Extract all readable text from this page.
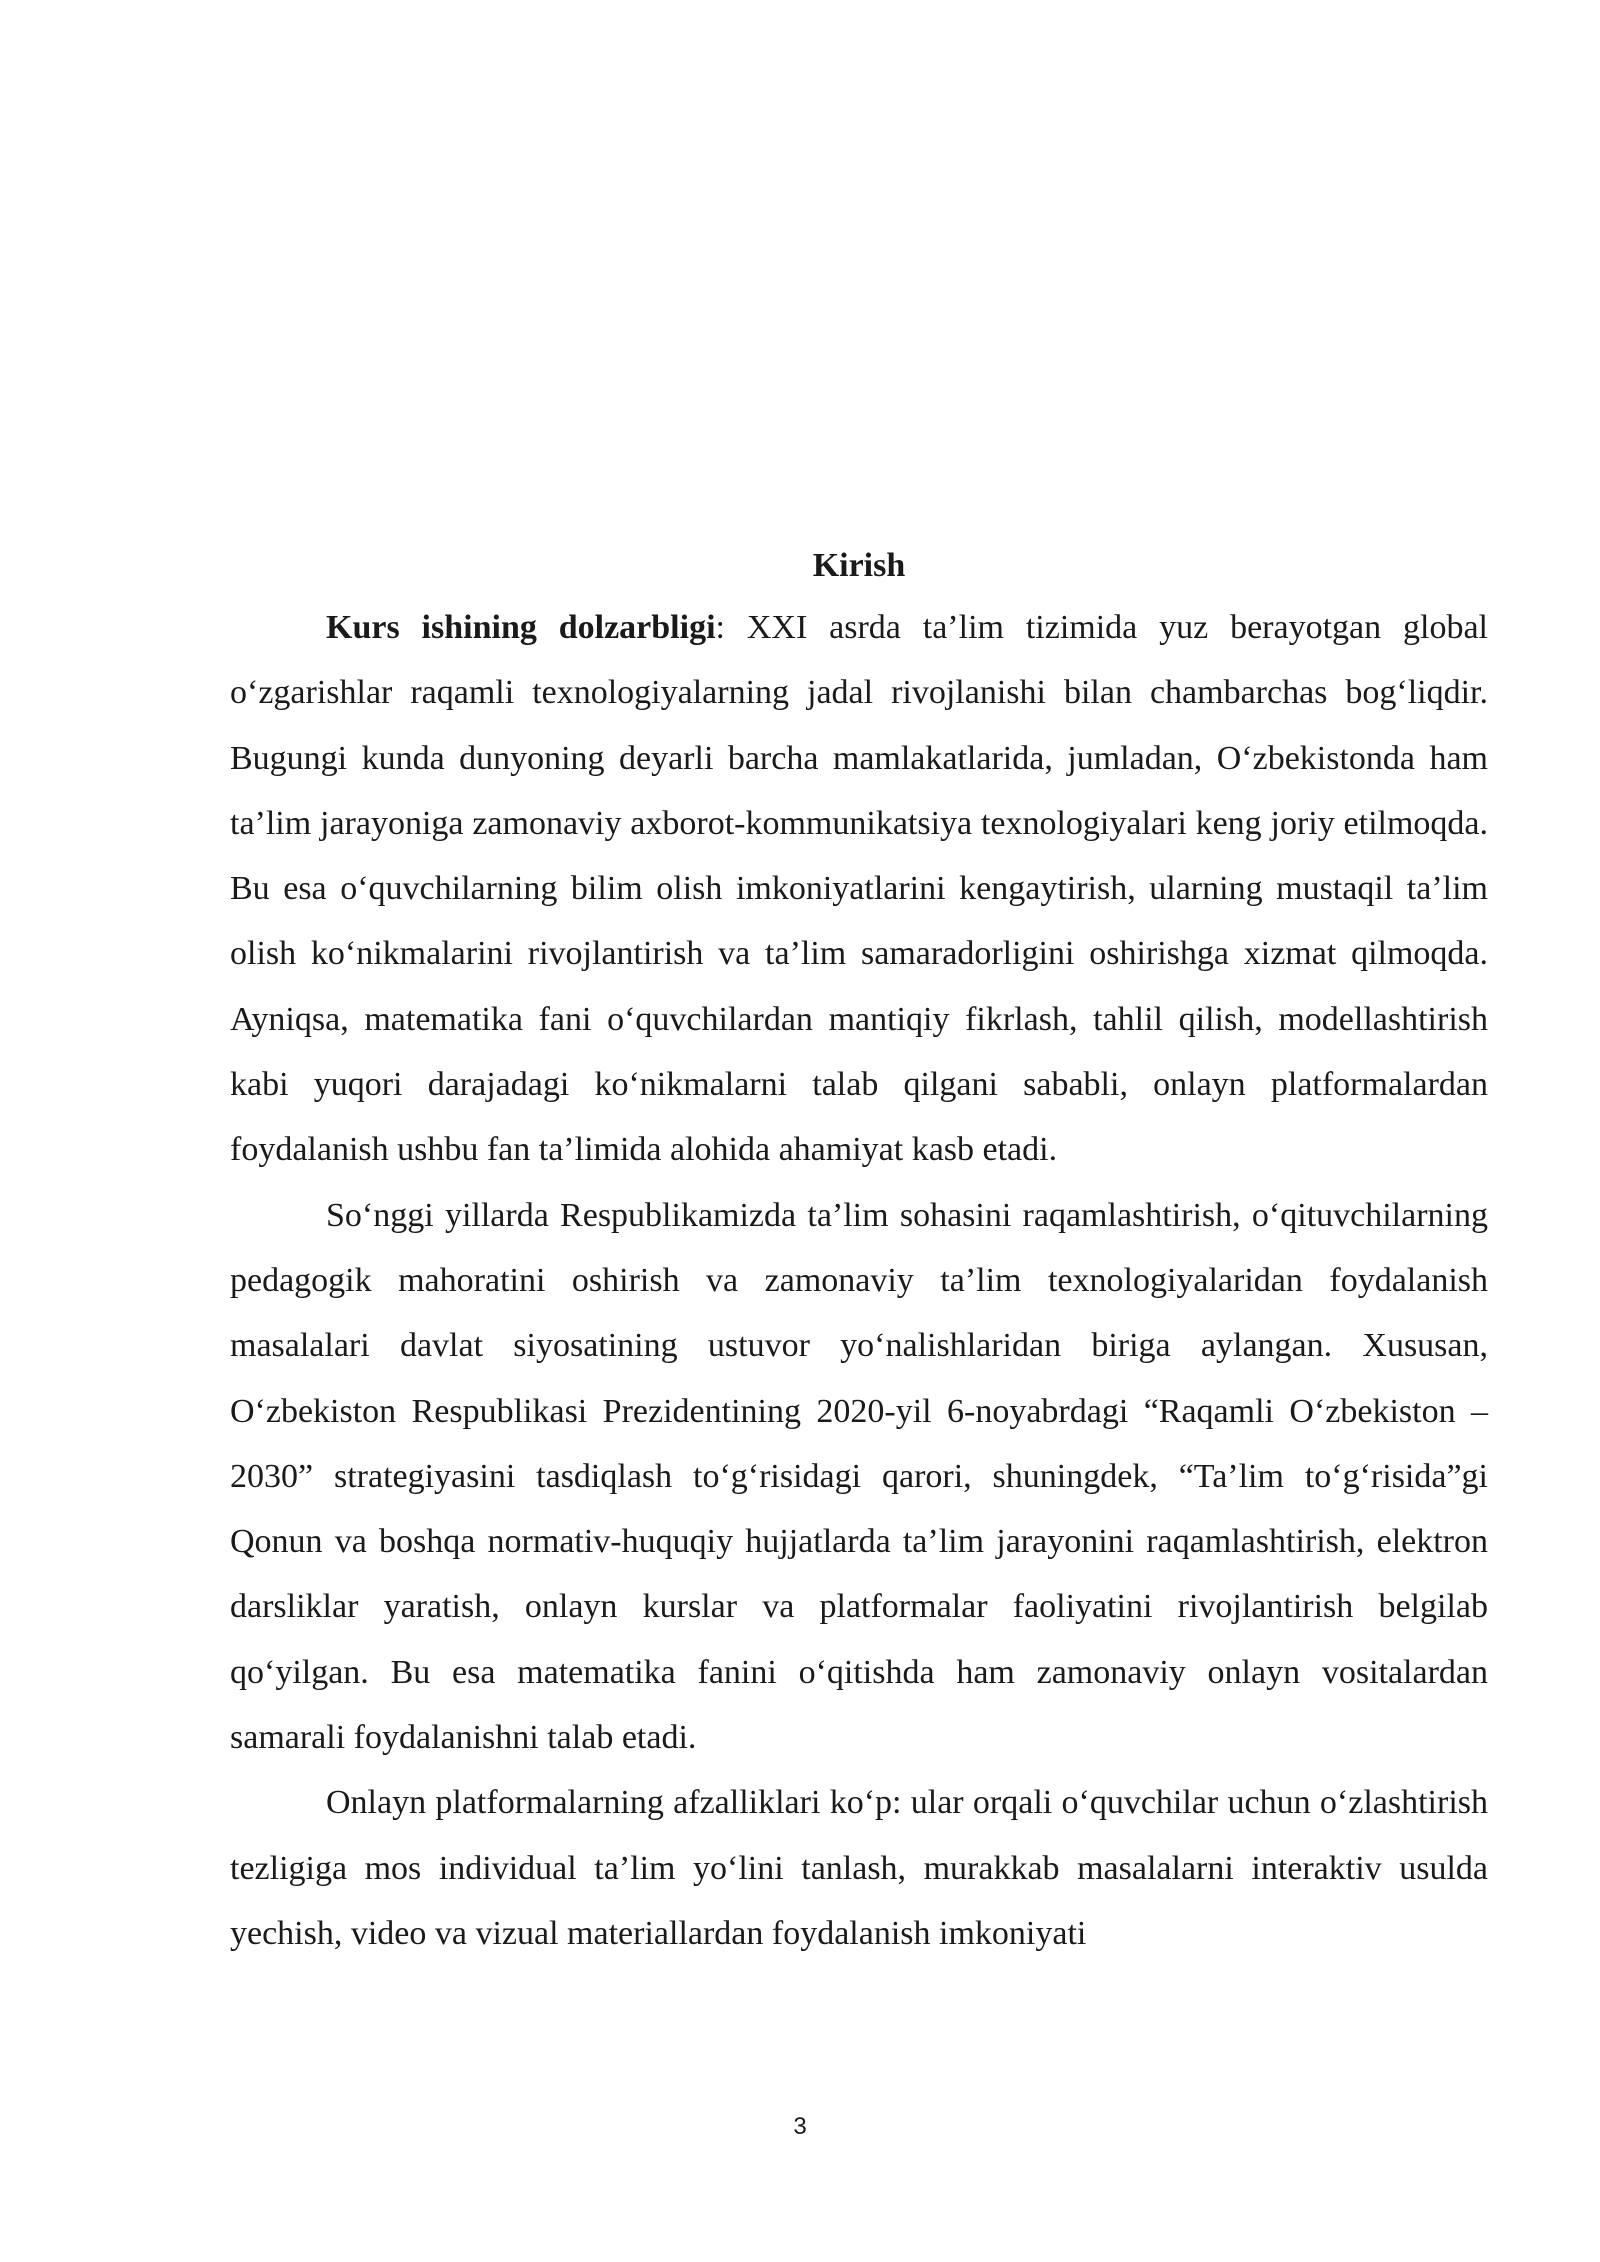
Kirish

Kurs ishining dolzarbligi: XXI asrda ta’lim tizimida yuz berayotgan global o‘zgarishlar raqamli texnologiyalarning jadal rivojlanishi bilan chambarchas bog‘liqdir. Bugungi kunda dunyoning deyarli barcha mamlakatlarida, jumladan, O‘zbekistonda ham ta’lim jarayoniga zamonaviy axborot-kommunikatsiya texnologiyalari keng joriy etilmoqda. Bu esa o‘quvchilarning bilim olish imkoniyatlarini kengaytirish, ularning mustaqil ta’lim olish ko‘nikmalarini rivojlantirish va ta’lim samaradorligini oshirishga xizmat qilmoqda. Ayniqsa, matematika fani o‘quvchilardan mantiqiy fikrlash, tahlil qilish, modellashtirish kabi yuqori darajadagi ko‘nikmalarni talab qilgani sababli, onlayn platformalardan foydalanish ushbu fan ta’limida alohida ahamiyat kasb etadi.

So‘nggi yillarda Respublikamizda ta’lim sohasini raqamlashtirish, o‘qituvchilarning pedagogik mahoratini oshirish va zamonaviy ta’lim texnologiyalaridan foydalanish masalalari davlat siyosatining ustuvor yo‘nalishlaridan biriga aylangan. Xususan, O‘zbekiston Respublikasi Prezidentining 2020-yil 6-noyabrdagi “Raqamli O‘zbekiston – 2030” strategiyasini tasdiqlash to‘g‘risidagi qarori, shuningdek, “Ta’lim to‘g‘risida”gi Qonun va boshqa normativ-huquqiy hujjatlarda ta’lim jarayonini raqamlashtirish, elektron darsliklar yaratish, onlayn kurslar va platformalar faoliyatini rivojlantirish belgilab qo‘yilgan. Bu esa matematika fanini o‘qitishda ham zamonaviy onlayn vositalardan samarali foydalanishni talab etadi.

Onlayn platformalarning afzalliklari ko‘p: ular orqali o‘quvchilar uchun o‘zlashtirish tezligiga mos individual ta’lim yo‘lini tanlash, murakkab masalalarni interaktiv usulda yechish, video va vizual materiallardan foydalanish imkoniyati

3
